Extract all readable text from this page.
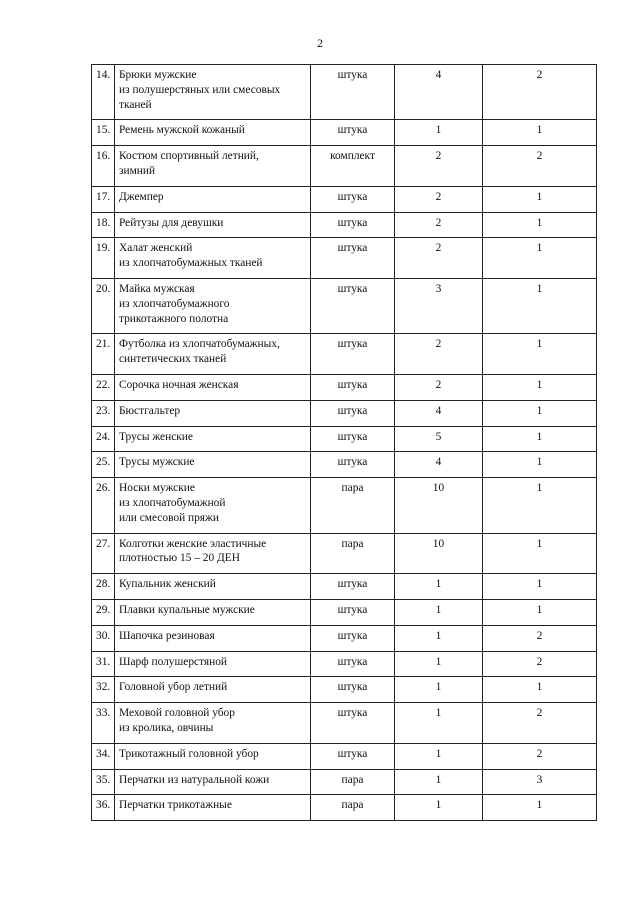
2
14.	Брюки мужские
из полушерстяных или смесовых
тканей	штука	4	2
15.	Ремень мужской кожаный	штука	1	1
16.	Костюм спортивный летний,
зимний	комплект	2	2
17.	Джемпер	штука	2	1
18.	Рейтузы для девушки	штука	2	1
19.	Халат женский
из хлопчатобумажных тканей	штука	2	1
20.	Майка мужская
из хлопчатобумажного
трикотажного полотна	штука	3	1
21.	Футболка из хлопчатобумажных,
синтетических тканей	штука	2	1
22.	Сорочка ночная женская	штука	2	1
23.	Бюстгальтер	штука	4	1
24.	Трусы женские	штука	5	1
25.	Трусы мужские	штука	4	1
26.	Носки мужские
из хлопчатобумажной
или смесовой пряжи	пара	10	1
27.	Колготки женские эластичные
плотностью 15 – 20 ДЕН	пара	10	1
28.	Купальник женский	штука	1	1
29.	Плавки купальные мужские	штука	1	1
30.	Шапочка резиновая	штука	1	2
31.	Шарф полушерстяной	штука	1	2
32.	Головной убор летний	штука	1	1
33.	Меховой головной убор
из кролика, овчины	штука	1	2
34.	Трикотажный головной убор	штука	1	2
35.	Перчатки из натуральной кожи	пара	1	3
36.	Перчатки трикотажные	пара	1	1
